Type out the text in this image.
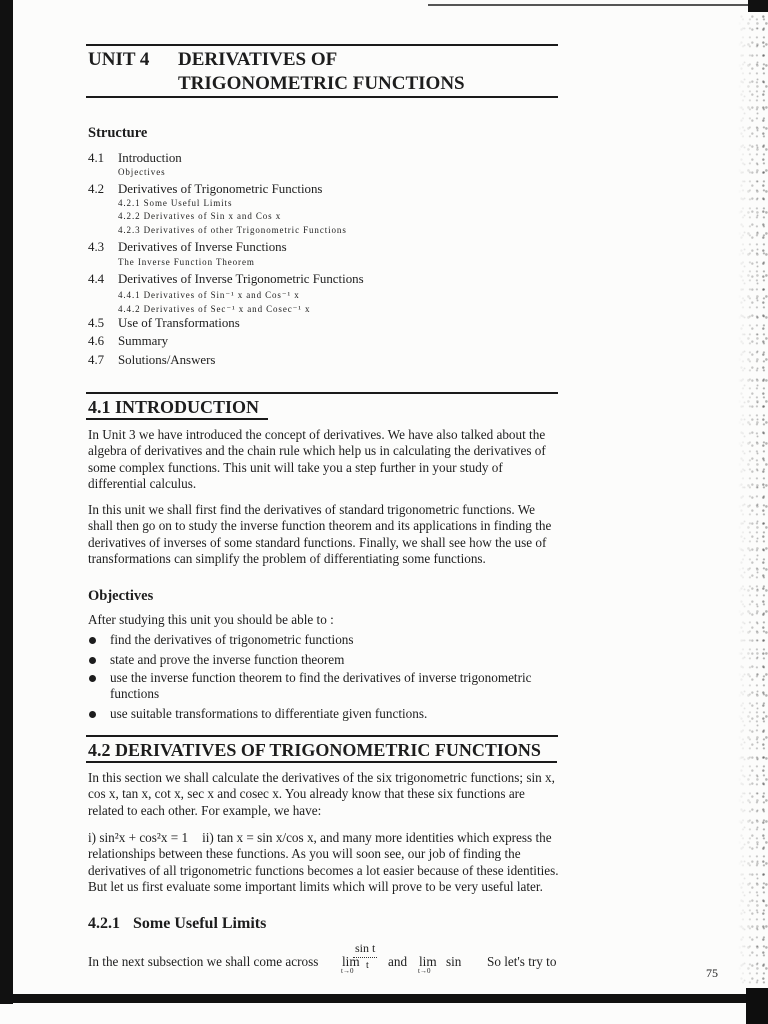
UNIT 4 DERIVATIVES OF
TRIGONOMETRIC FUNCTIONS
Structure
4.1 Introduction
Objectives
4.2 Derivatives of Trigonometric Functions
4.2.1 Some Useful Limits
4.2.2 Derivatives of Sin x and Cos x
4.2.3 Derivatives of other Trigonometric Functions
4.3 Derivatives of Inverse Functions
The Inverse Function Theorem
4.4 Derivatives of Inverse Trigonometric Functions
4.4.1 Derivatives of Sin⁻¹ x and Cos⁻¹ x
4.4.2 Derivatives of Sec⁻¹ x and Cosec⁻¹ x
4.5 Use of Transformations
4.6 Summary
4.7 Solutions/Answers
4.1 INTRODUCTION
In Unit 3 we have introduced the concept of derivatives. We have also talked about the
algebra of derivatives and the chain rule which help us in calculating the derivatives of
some complex functions. This unit will take you a step further in your study of
differential calculus.
In this unit we shall first find the derivatives of standard trigonometric functions. We
shall then go on to study the inverse function theorem and its applications in finding the
derivatives of inverses of some standard functions. Finally, we shall see how the use of
transformations can simplify the problem of differentiating some functions.
Objectives
After studying this unit you should be able to :
find the derivatives of trigonometric functions
state and prove the inverse function theorem
use the inverse function theorem to find the derivatives of inverse trigonometric
functions
use suitable transformations to differentiate given functions.
4.2 DERIVATIVES OF TRIGONOMETRIC FUNCTIONS
In this section we shall calculate the derivatives of the six trigonometric functions; sin x,
cos x, tan x, cot x, sec x and cosec x. You already know that these six functions are
related to each other. For example, we have:
i) sin²x + cos²x = 1 ii) tan x = sin x/cos x, and many more identities which express the
relationships between these functions. As you will soon see, our job of finding the
derivatives of all trigonometric functions becomes a lot easier because of these identities.
But let us first evaluate some important limits which will prove to be very useful later.
4.2.1 Some Useful Limits
In the next subsection we shall come across lim
t→0
sin t
t and lim
t→0
sin So let's try to
75
